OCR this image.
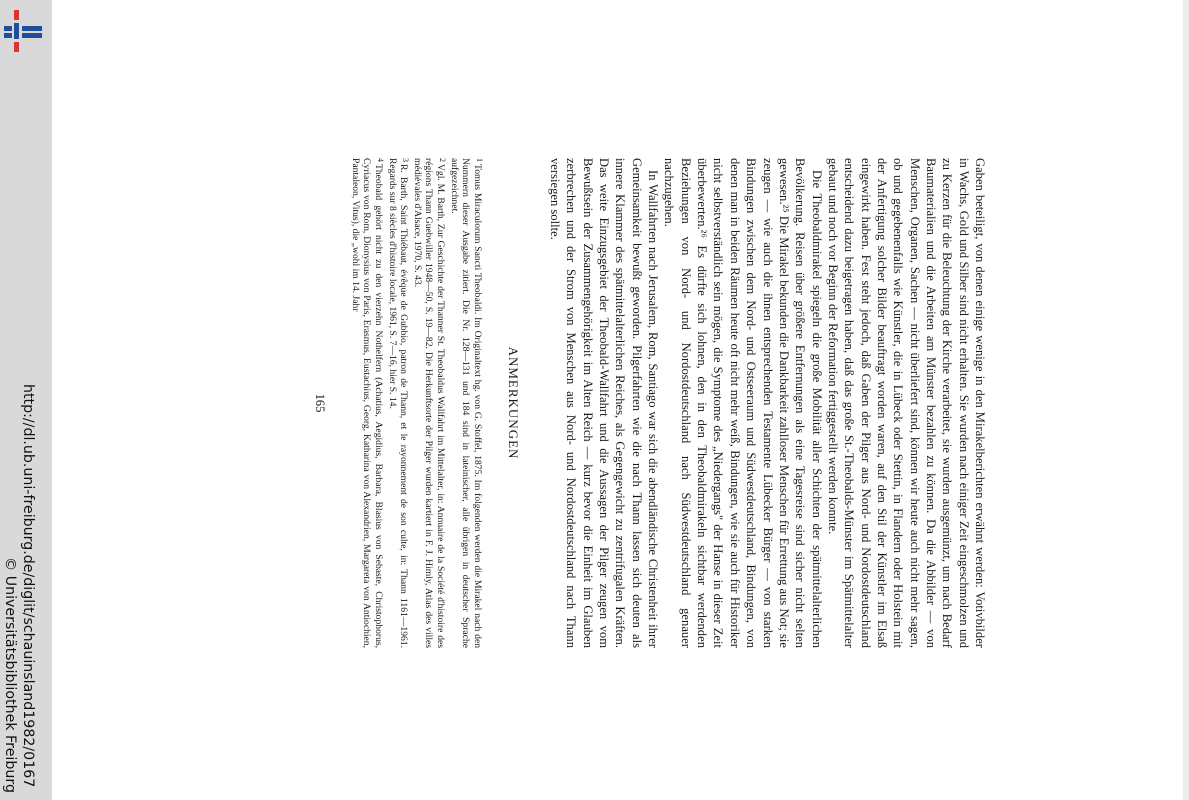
http://dl.ub.uni-freiburg.de/diglit/schauinsland1982/0167
© Universitätsbibliothek Freiburg

Gaben beteiligt, von denen einige wenige in den Mirakelberichten erwähnt werden: Votivbilder in Wachs, Gold und Silber sind nicht erhalten. Sie wurden nach einiger Zeit eingeschmolzen und zu Kerzen für die Beleuchtung der Kirche verarbeitet, sie wurden ausgemünzt, um nach Bedarf Baumaterialien und die Arbeiten am Münster bezahlen zu können. Da die Abbilder — von Menschen, Organen, Sachen — nicht überliefert sind, können wir heute auch nicht mehr sagen, ob und gegebenenfalls wie Künstler, die in Lübeck oder Stettin, in Flandern oder Holstein mit der Anfertigung solcher Bilder beauftragt worden waren, auf den Stil der Künstler im Elsaß eingewirkt haben. Fest steht jedoch, daß Gaben der Pilger aus Nord- und Nordostdeutschland entscheidend dazu beigetragen haben, daß das große St.-Theobalds-Münster im Spätmittelalter gebaut und noch vor Beginn der Reformation fertiggestellt werden konnte.

Die Theobaldmirakel spiegeln die große Mobilität aller Schichten der spätmittelalterlichen Bevölkerung. Reisen über größere Entfernungen als eine Tagesreise sind sicher nicht selten gewesen.²⁵ Die Mirakel bekunden die Dankbarkeit zahlloser Menschen für Errettung aus Not; sie zeugen — wie auch die ihnen entsprechenden Testamente Lübecker Bürger — von starken Bindungen zwischen dem Nord- und Ostseeraum und Südwestdeutschland, Bindungen, von denen man in beiden Räumen heute oft nicht mehr weiß, Bindungen, wie sie auch für Historiker nicht selbstverständlich sein mögen, die Symptome des „Niedergangs" der Hanse in dieser Zeit überbewerten.²⁶ Es dürfte sich lohnen, den in den Theobaldmirakeln sichtbar werdenden Beziehungen von Nord- und Nordostdeutschland nach Südwestdeutschland genauer nachzugehen.

In Wallfahrten nach Jerusalem, Rom, Santiago war sich die abendländische Christenheit ihrer Gemeinsamkeit bewußt geworden. Pilgerfahrten wie die nach Thann lassen sich deuten als innere Klammer des spätmittelalterlichen Reiches, als Gegengewicht zu zentrifugalen Kräften. Das weite Einzugsgebiet der Theobald-Wallfahrt und die Aussagen der Pilger zeugen vom Bewußtsein der Zusammengehörigkeit im Alten Reich — kurz bevor die Einheit im Glauben zerbrechen und der Strom von Menschen aus Nord- und Nordostdeutschland nach Thann versiegen sollte.

ANMERKUNGEN
$^1$Tomus Miraculorum Sancti Theobaldi. Im Originaltext hg. von G. Stoffel, 1875. Im folgenden werden die Mirakel nach den Nummern dieser Ausgabe zitiert. Die Nr. 128—131 und 184 sind in lateinischer, alle übrigen in deutscher Sprache aufgezeichnet.
$^2$Vgl. M. Barth, Zur Geschichte der Thanner St. Theobaldus Wallfahrt im Mittelalter, in: Annuaire de la Société d'histoire des régions Thann Guebwiller 1948—50, S. 19—82. Die Herkunftsorte der Pilger wurden kartiert in F. J. Himly, Atlas des villes médiévales d'Alsace, 1970, S. 43.
$^3$R. Barth, Saint Thiébaut, évêque de Gubbio, patron de Thann, et le rayonnement de son culte, in: Thann 1161—1961. Regards sur 8 siècles d'histoire locale, 1961, S. 7—16, hier S. 14.
$^4$Theobald gehört nicht zu den vierzehn Nothelfern (Achatius, Aegidius, Barbara, Blasius von Sebaste, Christophorus, Cyriacus von Rom, Dionysius von Paris, Erasmus, Eustachius, Georg, Katharina von Alexandrien, Margareta von Antiochien, Pantaleon, Vitus), die „wohl im 14. Jahr
165
